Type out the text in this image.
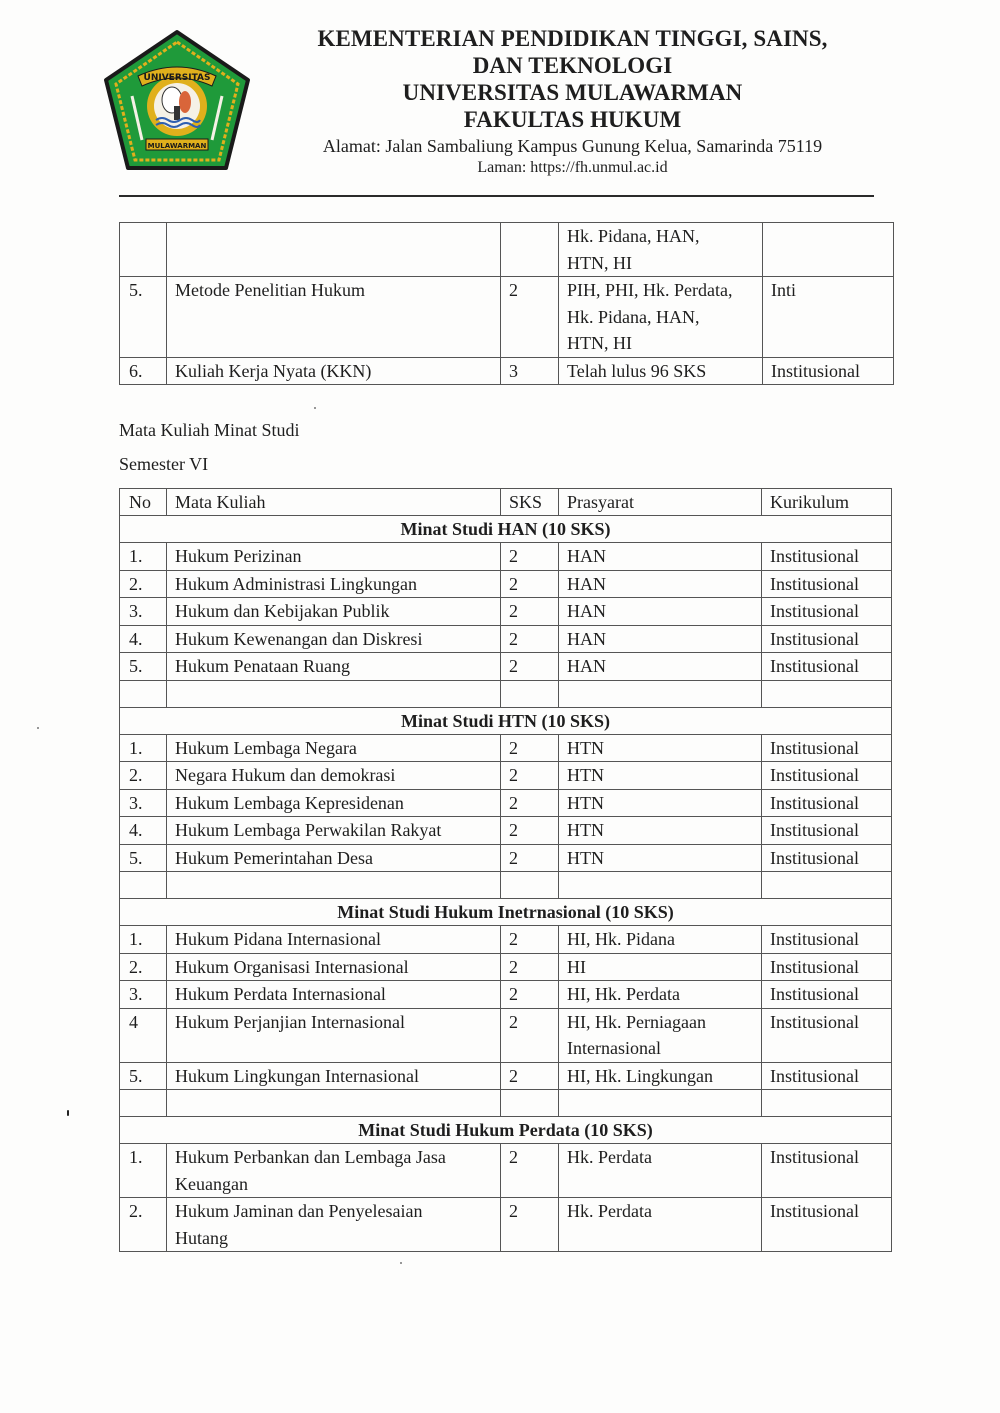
UNIVERSITAS
MULAWARMAN
KEMENTERIAN PENDIDIKAN TINGGI, SAINS,
DAN TEKNOLOGI
UNIVERSITAS MULAWARMAN
FAKULTAS HUKUM
Alamat: Jalan Sambaliung Kampus Gunung Kelua, Samarinda 75119
Laman: https://fh.unmul.ac.id

			Hk. Pidana, HAN,
HTN, HI	

5.	Metode Penelitian Hukum	2	PIH, PHI, Hk. Perdata,
Hk. Pidana, HAN,
HTN, HI	Inti
6.	Kuliah Kerja Nyata (KKN)	3	Telah lulus 96 SKS	Institusional
Mata Kuliah Minat Studi
Semester VI
No	Mata Kuliah	SKS	Prasyarat	Kurikulum
Minat Studi HAN (10 SKS)				
1.	Hukum Perizinan	2	HAN	Institusional
2.	Hukum Administrasi Lingkungan	2	HAN	Institusional
3.	Hukum dan Kebijakan Publik	2	HAN	Institusional
4.	Hukum Kewenangan dan Diskresi	2	HAN	Institusional
5.	Hukum Penataan Ruang	2	HAN	Institusional

Minat Studi HTN (10 SKS)				
1.	Hukum Lembaga Negara	2	HTN	Institusional
2.	Negara Hukum dan demokrasi	2	HTN	Institusional
3.	Hukum Lembaga Kepresidenan	2	HTN	Institusional
4.	Hukum Lembaga Perwakilan Rakyat	2	HTN	Institusional
5.	Hukum Pemerintahan Desa	2	HTN	Institusional

Minat Studi Hukum Inetrnasional (10 SKS)				
1.	Hukum Pidana Internasional	2	HI, Hk. Pidana	Institusional
2.	Hukum Organisasi Internasional	2	HI	Institusional
3.	Hukum Perdata Internasional	2	HI, Hk. Perdata	Institusional
4	Hukum Perjanjian Internasional	2	HI, Hk. Perniagaan
Internasional	Institusional
5.	Hukum Lingkungan Internasional	2	HI, Hk. Lingkungan	Institusional

Minat Studi Hukum Perdata (10 SKS)				
1.	Hukum Perbankan dan Lembaga Jasa
Keuangan	2	Hk. Perdata	Institusional
2.	Hukum Jaminan dan Penyelesaian
Hutang	2	Hk. Perdata	Institusional
